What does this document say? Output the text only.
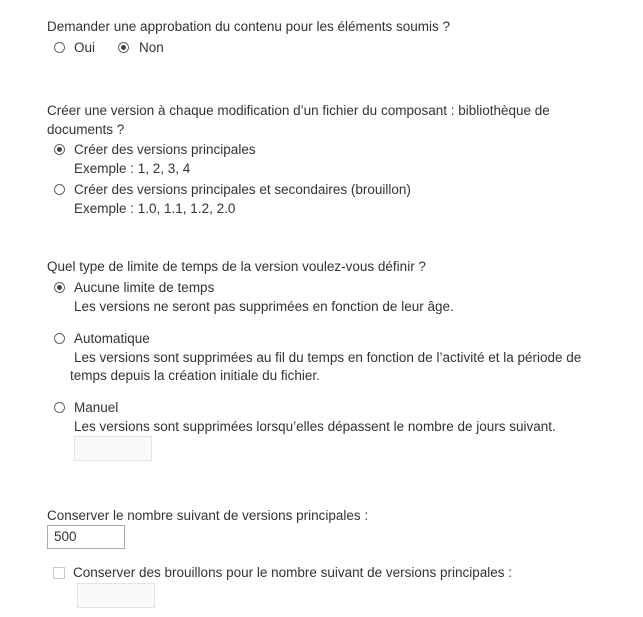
Demander une approbation du contenu pour les éléments soumis ?
Oui	Non
Créer une version à chaque modification d’un fichier du composant : bibliothèque de documents ?
Créer des versions principales
Exemple : 1, 2, 3, 4
Créer des versions principales et secondaires (brouillon)
Exemple : 1.0, 1.1, 1.2, 2.0
Quel type de limite de temps de la version voulez-vous définir ?
Aucune limite de temps
Les versions ne seront pas supprimées en fonction de leur âge.
Automatique
Les versions sont supprimées au fil du temps en fonction de l’activité et la période de temps depuis la création initiale du fichier.
Manuel
Les versions sont supprimées lorsqu’elles dépassent le nombre de jours suivant.
Conserver le nombre suivant de versions principales :
500
Conserver des brouillons pour le nombre suivant de versions principales :
